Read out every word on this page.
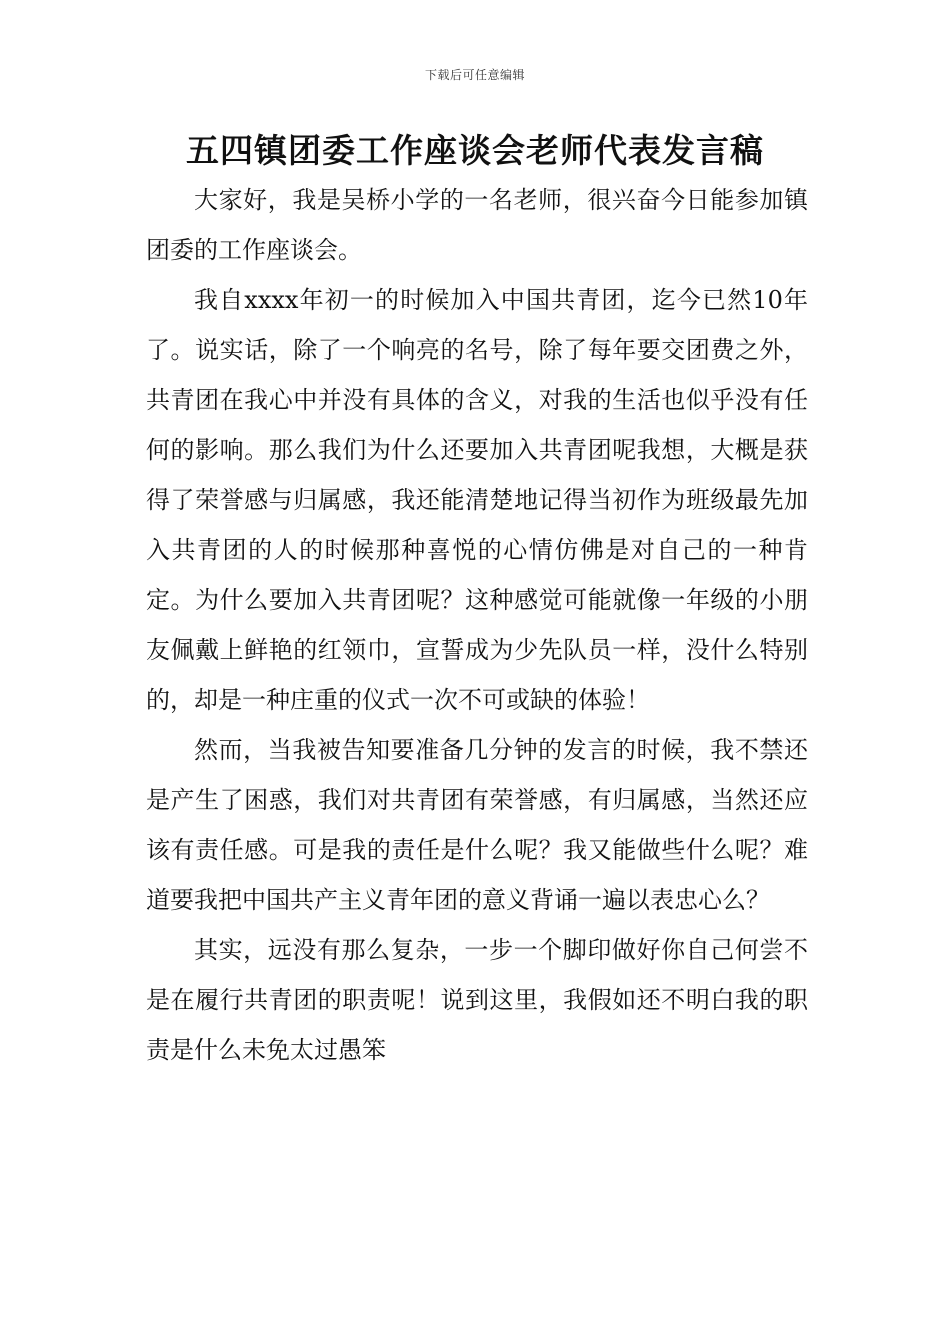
下载后可任意编辑
五四镇团委工作座谈会老师代表发言稿

大家好，我是吴桥小学的一名老师，很兴奋今日能参加镇团委的工作座谈会。

我自xxxx年初一的时候加入中国共青团，迄今已然10年了。说实话，除了一个响亮的名号，除了每年要交团费之外，共青团在我心中并没有具体的含义，对我的生活也似乎没有任何的影响。那么我们为什么还要加入共青团呢我想，大概是获得了荣誉感与归属感，我还能清楚地记得当初作为班级最先加入共青团的人的时候那种喜悦的心情仿佛是对自己的一种肯定。为什么要加入共青团呢？这种感觉可能就像一年级的小朋友佩戴上鲜艳的红领巾，宣誓成为少先队员一样，没什么特别的，却是一种庄重的仪式一次不可或缺的体验！

然而，当我被告知要准备几分钟的发言的时候，我不禁还是产生了困惑，我们对共青团有荣誉感，有归属感，当然还应该有责任感。可是我的责任是什么呢？我又能做些什么呢？难道要我把中国共产主义青年团的意义背诵一遍以表忠心么？

其实，远没有那么复杂，一步一个脚印做好你自己何尝不是在履行共青团的职责呢！说到这里，我假如还不明白我的职责是什么未免太过愚笨
